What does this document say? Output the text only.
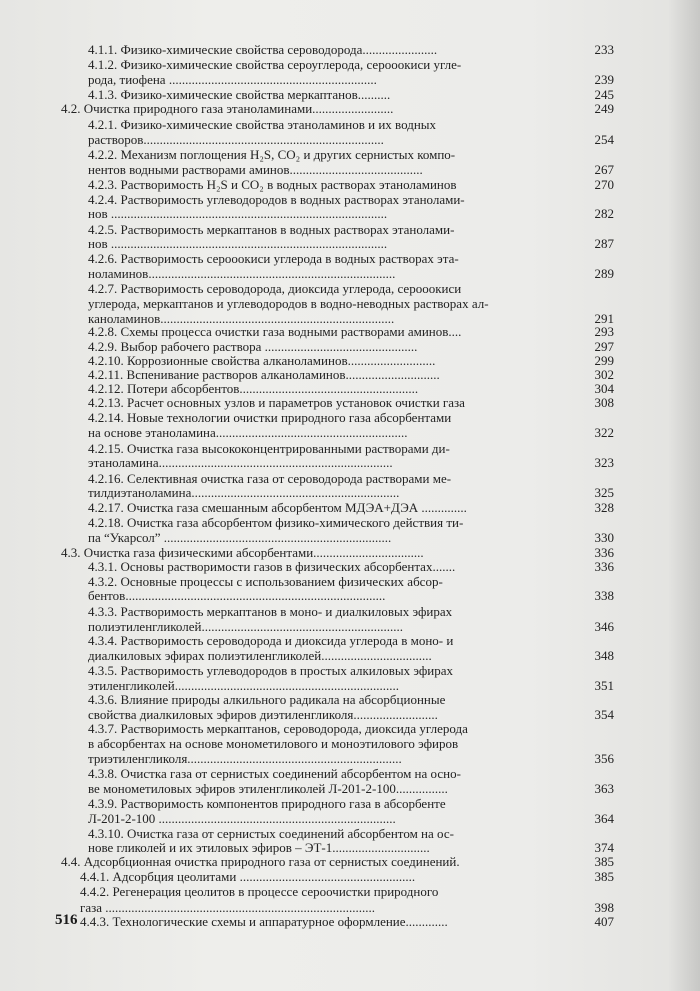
4.1.1. Физико-химические свойства сероводорода.......................	233
4.1.2. Физико-химические свойства сероуглерода, серооокиси угле-
рода, тиофена ................................................................	239
4.1.3. Физико-химические свойства меркаптанов..........	245
4.2. Очистка природного газа этаноламинами.........................	249
4.2.1. Физико-химические свойства этаноламинов и их водных
растворов..........................................................................	254
4.2.2. Механизм поглощения H₂S, CO₂ и других сернистых компо-
нентов водными растворами аминов.........................................	267
4.2.3. Растворимость H₂S и CO₂ в водных растворах этаноламинов	270
4.2.4. Растворимость углеводородов в водных растворах этанолами-
нов .....................................................................................	282
4.2.5. Растворимость меркаптанов в водных растворах этанолами-
нов .....................................................................................	287
4.2.6. Растворимость серооокиси углерода в водных растворах эта-
ноламинов............................................................................	289
4.2.7. Растворимость сероводорода, диоксида углерода, серооокиси
углерода, меркаптанов и углеводородов в водно-неводных растворах ал-
каноламинов........................................................................	291
4.2.8. Схемы процесса очистки газа водными растворами аминов....	293
4.2.9. Выбор рабочего раствора ...............................................	297
4.2.10. Коррозионные свойства алканоламинов...........................	299
4.2.11. Вспенивание растворов алканоламинов.............................	302
4.2.12. Потери абсорбентов.......................................................	304
4.2.13. Расчет основных узлов и параметров установок очистки газа	308
4.2.14. Новые технологии очистки природного газа абсорбентами
на основе этаноламина...........................................................	322
4.2.15. Очистка газа высококонцентрированными растворами ди-
этаноламина........................................................................	323
4.2.16. Селективная очистка газа от сероводорода растворами ме-
тилдиэтаноламина................................................................	325
4.2.17. Очистка газа смешанным абсорбентом МДЭА+ДЭА ..............	328
4.2.18. Очистка газа абсорбентом физико-химического действия ти-
па “Укарсол” ......................................................................	330
4.3. Очистка газа физическими абсорбентами..................................	336
4.3.1. Основы растворимости газов в физических абсорбентах.......	336
4.3.2. Основные процессы с использованием физических абсор-
бентов................................................................................	338
4.3.3. Растворимость меркаптанов в моно- и диалкиловых эфирах
полиэтиленгликолей..............................................................	346
4.3.4. Растворимость сероводорода и диоксида углерода в моно- и
диалкиловых эфирах полиэтиленгликолей..................................	348
4.3.5. Растворимость углеводородов в простых алкиловых эфирах
этиленгликолей.....................................................................	351
4.3.6. Влияние природы алкильного радикала на абсорбционные
свойства диалкиловых эфиров диэтиленгликоля..........................	354
4.3.7. Растворимость меркаптанов, сероводорода, диоксида углерода
в абсорбентах на основе монометилового и моноэтилового эфиров
триэтиленгликоля..................................................................	356
4.3.8. Очистка газа от сернистых соединений абсорбентом на осно-
ве монометиловых эфиров этиленгликолей Л-201-2-100................	363
4.3.9. Растворимость компонентов природного газа в абсорбенте
Л-201-2-100 .........................................................................	364
4.3.10. Очистка газа от сернистых соединений абсорбентом на ос-
нове гликолей и их этиловых эфиров – ЭТ-1..............................	374
4.4. Адсорбционная очистка природного газа от сернистых соединений.	385
4.4.1. Адсорбция цеолитами ......................................................	385
4.4.2. Регенерация цеолитов в процессе сероочистки природного
газа ...................................................................................	398
4.4.3. Технологические схемы и аппаратурное оформление.............	407
516
